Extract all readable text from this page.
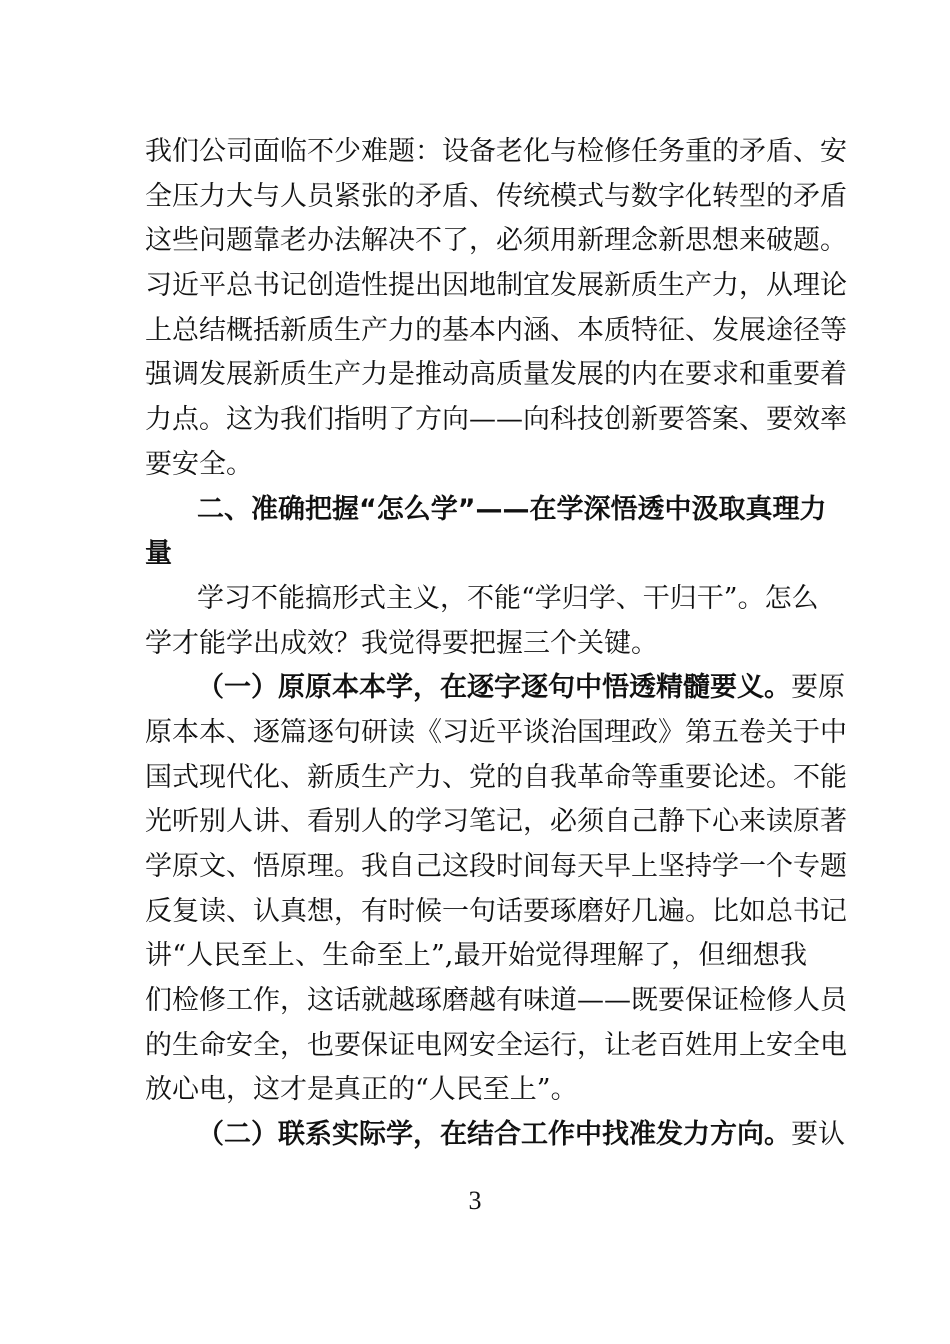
我们公司面临不少难题：设备老化与检修任务重的矛盾、安
全压力大与人员紧张的矛盾、传统模式与数字化转型的矛盾
这些问题靠老办法解决不了，必须用新理念新思想来破题。
习近平总书记创造性提出因地制宜发展新质生产力，从理论
上总结概括新质生产力的基本内涵、本质特征、发展途径等
强调发展新质生产力是推动高质量发展的内在要求和重要着
力点。这为我们指明了方向——向科技创新要答案、要效率
要安全。
二、准确把握“怎么学”——在学深悟透中汲取真理力
量
学习不能搞形式主义，不能“学归学、干归干”。怎么
学才能学出成效？我觉得要把握三个关键。
（一）原原本本学，在逐字逐句中悟透精髓要义。要原
原本本、逐篇逐句研读《习近平谈治国理政》第五卷关于中
国式现代化、新质生产力、党的自我革命等重要论述。不能
光听别人讲、看别人的学习笔记，必须自己静下心来读原著
学原文、悟原理。我自己这段时间每天早上坚持学一个专题
反复读、认真想，有时候一句话要琢磨好几遍。比如总书记
讲“人民至上、生命至上”,最开始觉得理解了，但细想我
们检修工作，这话就越琢磨越有味道——既要保证检修人员
的生命安全，也要保证电网安全运行，让老百姓用上安全电
放心电，这才是真正的“人民至上”。
（二）联系实际学，在结合工作中找准发力方向。要认
3
